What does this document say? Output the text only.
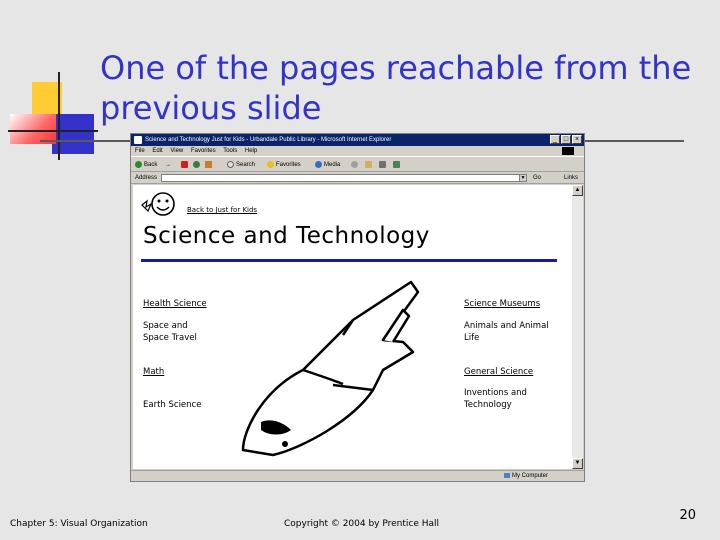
One of the pages reachable from the
previous slide
Science and Technology Just for Kids - Urbandale Public Library - Microsoft Internet Explorer	_ □ ×
File Edit View Favorites Tools Help
Back →	Search	Favorites	Media
Address	▼ Go	Links
Back to Just for Kids
Science and Technology
Health Science
Space and
Space Travel
Math
Earth Science
Science Museums
Animals and Animal
Life
General Science
Inventions and
Technology
▲
▼
My Computer
Chapter 5: Visual Organization	Copyright © 2004 by Prentice Hall
20
